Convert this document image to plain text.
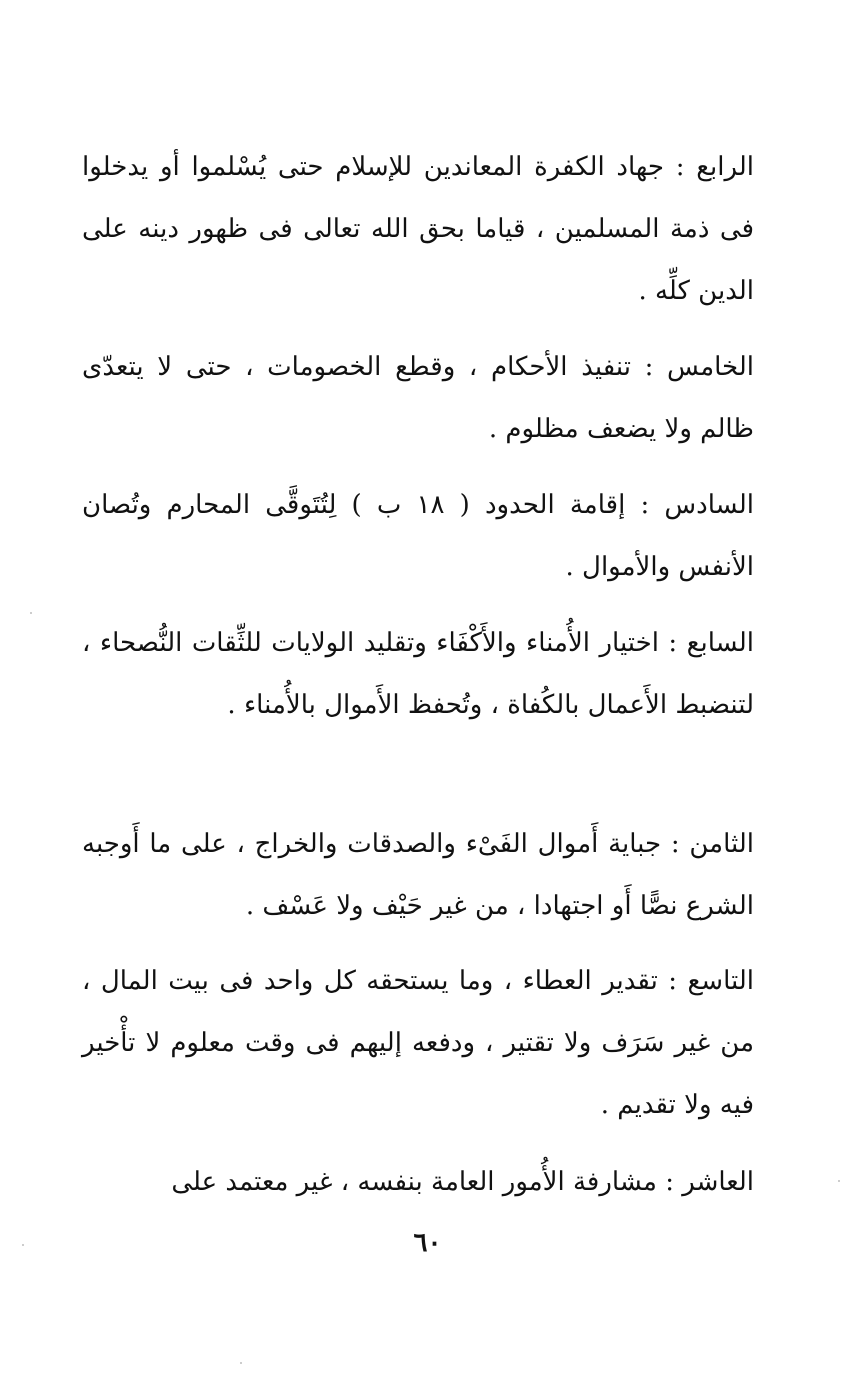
الرابع : جهاد الكفرة المعاندين للإسلام حتى يُسْلموا أو يدخلوا فى ذمة المسلمين ، قياما بحق الله تعالى فى ظهور دينه على الدين كلِّه .

الخامس : تنفيذ الأحكام ، وقطع الخصومات ، حتى لا يتعدّى ظالم ولا يضعف مظلوم .

السادس : إقامة الحدود ( ١٨ ب ) لِتُتَوقَّى المحارم وتُصان الأنفس والأموال .

السابع : اختيار الأُمناء والأَكْفَاء وتقليد الولايات للثِّقات النُّصحاء ، لتنضبط الأَعمال بالكُفاة ، وتُحفظ الأَموال بالأُمناء .

الثامن : جباية أَموال الفَىْء والصدقات والخراج ، على ما أَوجبه الشرع نصًّا أَو اجتهادا ، من غير حَيْف ولا عَسْف .

التاسع : تقدير العطاء ، وما يستحقه كل واحد فى بيت المال ، من غير سَرَف ولا تقتير ، ودفعه إليهم فى وقت معلوم لا تأْخير فيه ولا تقديم .

العاشر : مشارفة الأُمور العامة بنفسه ، غير معتمد على

٦٠
